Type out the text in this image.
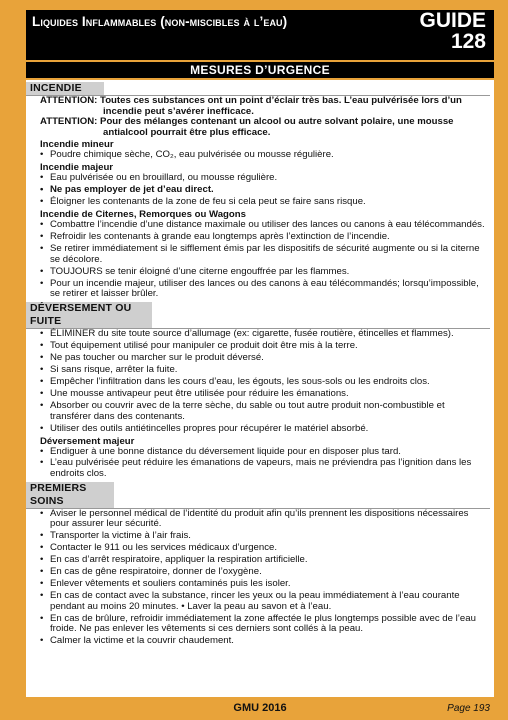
Liquides Inflammables (non-miscibles à l’eau)	GUIDE
128
MESURES D’URGENCE
INCENDIE
ATTENTION: Toutes ces substances ont un point d’éclair très bas. L’eau pulvérisée lors d’un
incendie peut s’avérer inefficace.
ATTENTION: Pour des mélanges contenant un alcool ou autre solvant polaire, une mousse
antialcool pourrait être plus efficace.
Incendie mineur
• Poudre chimique sèche, CO₂, eau pulvérisée ou mousse régulière.
Incendie majeur
• Eau pulvérisée ou en brouillard, ou mousse régulière.
• Ne pas employer de jet d’eau direct.
• Éloigner les contenants de la zone de feu si cela peut se faire sans risque.
Incendie de Citernes, Remorques ou Wagons
• Combattre l’incendie d’une distance maximale ou utiliser des lances ou canons à eau télécommandés.
• Refroidir les contenants à grande eau longtemps après l’extinction de l’incendie.
• Se retirer immédiatement si le sifflement émis par les dispositifs de sécurité augmente ou si la citerne se décolore.
• TOUJOURS se tenir éloigné d’une citerne engouffrée par les flammes.
• Pour un incendie majeur, utiliser des lances ou des canons à eau télécommandés; lorsqu’impossible, se retirer et laisser brûler.
DÉVERSEMENT OU FUITE
• ÉLIMINER du site toute source d’allumage (ex: cigarette, fusée routière, étincelles et flammes).
• Tout équipement utilisé pour manipuler ce produit doit être mis à la terre.
• Ne pas toucher ou marcher sur le produit déversé.
• Si sans risque, arrêter la fuite.
• Empêcher l’infiltration dans les cours d’eau, les égouts, les sous-sols ou les endroits clos.
• Une mousse antivapeur peut être utilisée pour réduire les émanations.
• Absorber ou couvrir avec de la terre sèche, du sable ou tout autre produit non-combustible et transférer dans des contenants.
• Utiliser des outils antiétincelles propres pour récupérer le matériel absorbé.
Déversement majeur
• Endiguer à une bonne distance du déversement liquide pour en disposer plus tard.
• L’eau pulvérisée peut réduire les émanations de vapeurs, mais ne préviendra pas l’ignition dans les endroits clos.
PREMIERS SOINS
• Aviser le personnel médical de l’identité du produit afin qu’ils prennent les dispositions nécessaires pour assurer leur sécurité.
• Transporter la victime à l’air frais.
• Contacter le 911 ou les services médicaux d’urgence.
• En cas d’arrêt respiratoire, appliquer la respiration artificielle.
• En cas de gêne respiratoire, donner de l’oxygène.
• Enlever vêtements et souliers contaminés puis les isoler.
• En cas de contact avec la substance, rincer les yeux ou la peau immédiatement à l’eau courante pendant au moins 20 minutes. • Laver la peau au savon et à l’eau.
• En cas de brûlure, refroidir immédiatement la zone affectée le plus longtemps possible avec de l’eau froide. Ne pas enlever les vêtements si ces derniers sont collés à la peau.
• Calmer la victime et la couvrir chaudement.
GMU 2016	Page 193
